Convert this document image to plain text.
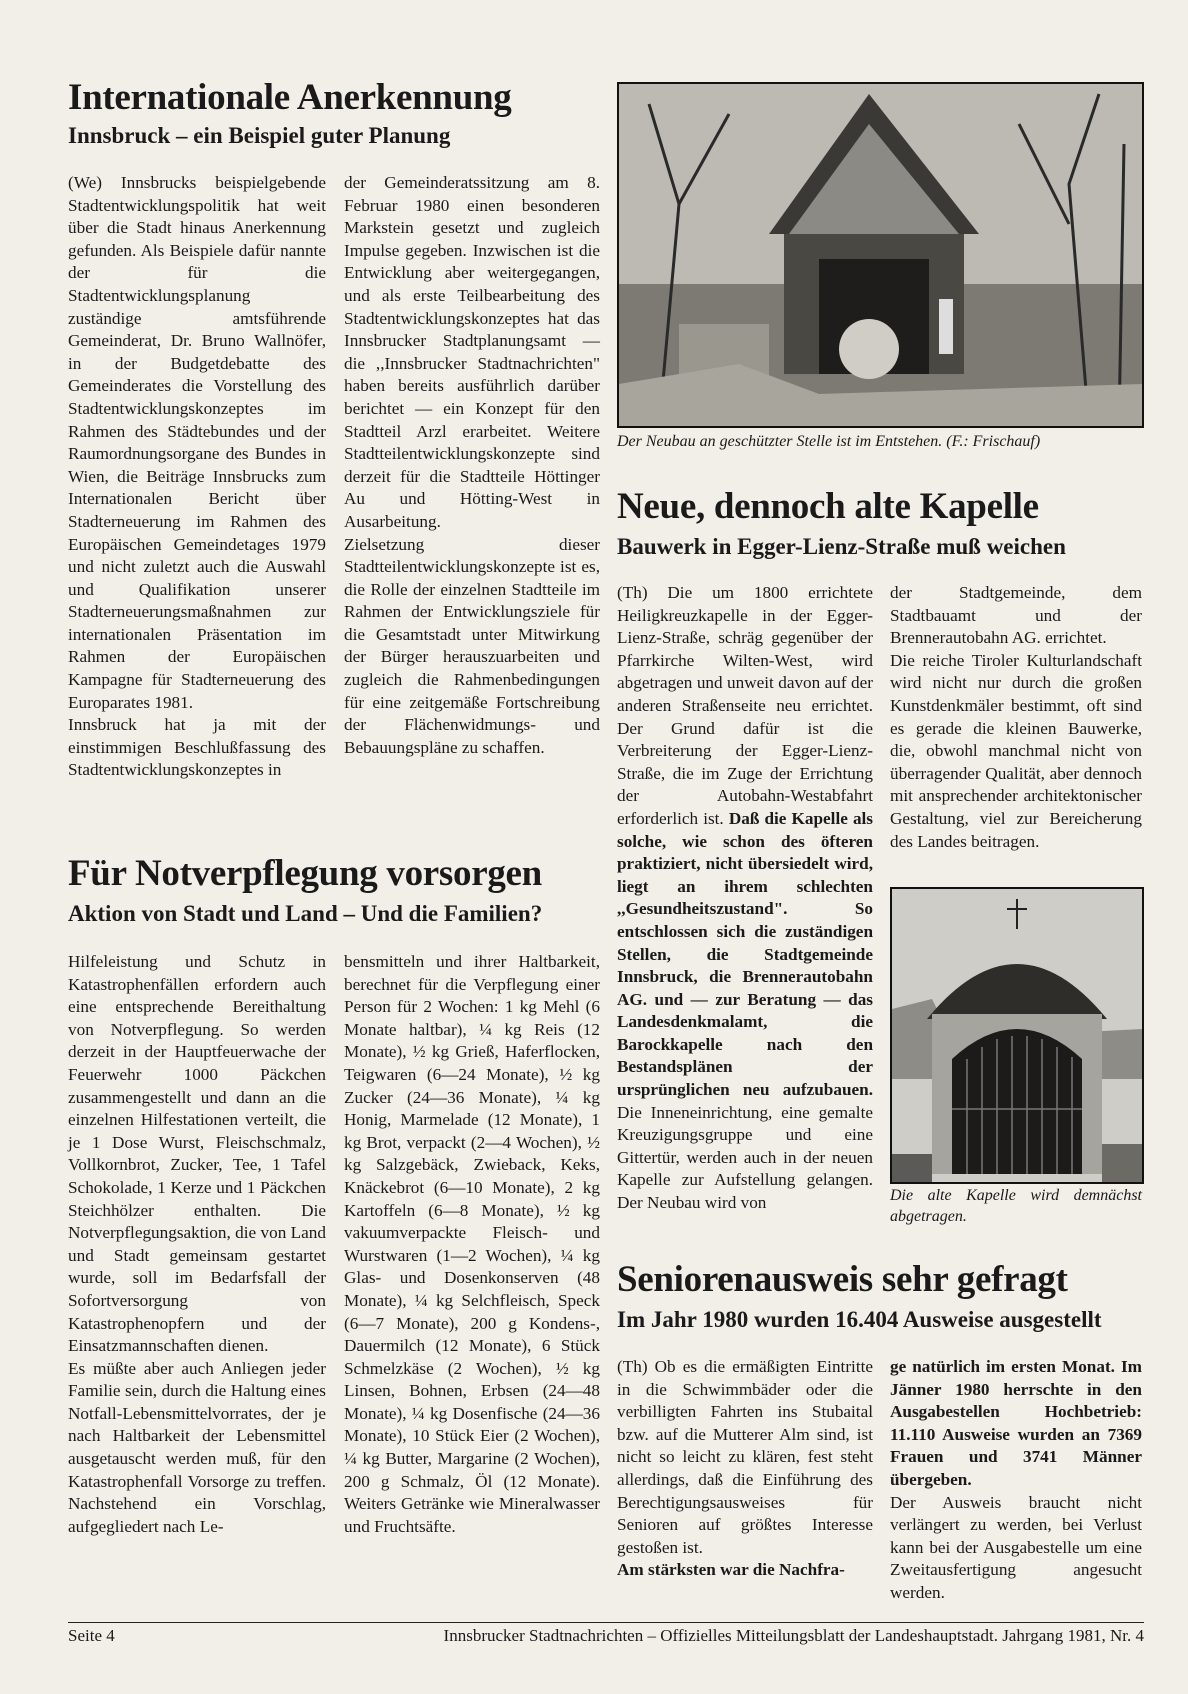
Internationale Anerkennung
Innsbruck – ein Beispiel guter Planung

(We) Innsbrucks beispielgebende Stadtentwicklungspolitik hat weit über die Stadt hinaus Anerkennung gefunden. Als Beispiele dafür nannte der für die Stadtentwicklungsplanung zuständige amtsführende Gemeinderat, Dr. Bruno Wallnöfer, in der Budgetdebatte des Gemeinderates die Vorstellung des Stadtentwicklungskonzeptes im Rahmen des Städtebundes und der Raumordnungsorgane des Bundes in Wien, die Beiträge Innsbrucks zum Internationalen Bericht über Stadterneuerung im Rahmen des Europäischen Gemeindetages 1979 und nicht zuletzt auch die Auswahl und Qualifikation unserer Stadterneuerungsmaßnahmen zur internationalen Präsentation im Rahmen der Europäischen Kampagne für Stadterneuerung des Europarates 1981.

Innsbruck hat ja mit der einstimmigen Beschlußfassung des Stadtentwicklungskonzeptes in

der Gemeinderatssitzung am 8. Februar 1980 einen besonderen Markstein gesetzt und zugleich Impulse gegeben. Inzwischen ist die Entwicklung aber weitergegangen, und als erste Teilbearbeitung des Stadtentwicklungskonzeptes hat das Innsbrucker Stadtplanungsamt — die ,,Innsbrucker Stadtnachrichten" haben bereits ausführlich darüber berichtet — ein Konzept für den Stadtteil Arzl erarbeitet. Weitere Stadtteilentwicklungskonzepte sind derzeit für die Stadtteile Höttinger Au und Hötting-West in Ausarbeitung.

Zielsetzung dieser Stadtteilentwicklungskonzepte ist es, die Rolle der einzelnen Stadtteile im Rahmen der Entwicklungsziele für die Gesamtstadt unter Mitwirkung der Bürger herauszuarbeiten und zugleich die Rahmenbedingungen für eine zeitgemäße Fortschreibung der Flächenwidmungs- und Bebauungspläne zu schaffen.

Der Neubau an geschützter Stelle ist im Entstehen. (F.: Frischauf)
Neue, dennoch alte Kapelle
Bauwerk in Egger-Lienz-Straße muß weichen

(Th) Die um 1800 errichtete Heiligkreuzkapelle in der Egger-Lienz-Straße, schräg gegenüber der Pfarrkirche Wilten-West, wird abgetragen und unweit davon auf der anderen Straßenseite neu errichtet. Der Grund dafür ist die Verbreiterung der Egger-Lienz-Straße, die im Zuge der Errichtung der Autobahn-Westabfahrt erforderlich ist. Daß die Kapelle als solche, wie schon des öfteren praktiziert, nicht übersiedelt wird, liegt an ihrem schlechten ,,Gesundheitszustand". So entschlossen sich die zuständigen Stellen, die Stadtgemeinde Innsbruck, die Brennerautobahn AG. und — zur Beratung — das Landesdenkmalamt, die Barockkapelle nach den Bestandsplänen der ursprünglichen neu aufzubauen. Die Inneneinrichtung, eine gemalte Kreuzigungsgruppe und eine Gittertür, werden auch in der neuen Kapelle zur Aufstellung gelangen. Der Neubau wird von

der Stadtgemeinde, dem Stadtbauamt und der Brennerautobahn AG. errichtet.

Die reiche Tiroler Kulturlandschaft wird nicht nur durch die großen Kunstdenkmäler bestimmt, oft sind es gerade die kleinen Bauwerke, die, obwohl manchmal nicht von überragender Qualität, aber dennoch mit ansprechender architektonischer Gestaltung, viel zur Bereicherung des Landes beitragen.

Die alte Kapelle wird demnächst abgetragen.
Für Notverpflegung vorsorgen
Aktion von Stadt und Land – Und die Familien?

Hilfeleistung und Schutz in Katastrophenfällen erfordern auch eine entsprechende Bereithaltung von Notverpflegung. So werden derzeit in der Hauptfeuerwache der Feuerwehr 1000 Päckchen zusammengestellt und dann an die einzelnen Hilfestationen verteilt, die je 1 Dose Wurst, Fleischschmalz, Vollkornbrot, Zucker, Tee, 1 Tafel Schokolade, 1 Kerze und 1 Päckchen Steichhölzer enthalten. Die Notverpflegungsaktion, die von Land und Stadt gemeinsam gestartet wurde, soll im Bedarfsfall der Sofortversorgung von Katastrophenopfern und der Einsatzmannschaften dienen.

Es müßte aber auch Anliegen jeder Familie sein, durch die Haltung eines Notfall-Lebensmittelvorrates, der je nach Haltbarkeit der Lebensmittel ausgetauscht werden muß, für den Katastrophenfall Vorsorge zu treffen. Nachstehend ein Vorschlag, aufgegliedert nach Le-

bensmitteln und ihrer Haltbarkeit, berechnet für die Verpflegung einer Person für 2 Wochen: 1 kg Mehl (6 Monate haltbar), ¼ kg Reis (12 Monate), ½ kg Grieß, Haferflocken, Teigwaren (6—24 Monate), ½ kg Zucker (24—36 Monate), ¼ kg Honig, Marmelade (12 Monate), 1 kg Brot, verpackt (2—4 Wochen), ½ kg Salzgebäck, Zwieback, Keks, Knäckebrot (6—10 Monate), 2 kg Kartoffeln (6—8 Monate), ½ kg vakuumverpackte Fleisch- und Wurstwaren (1—2 Wochen), ¼ kg Glas- und Dosenkonserven (48 Monate), ¼ kg Selchfleisch, Speck (6—7 Monate), 200 g Kondens-, Dauermilch (12 Monate), 6 Stück Schmelzkäse (2 Wochen), ½ kg Linsen, Bohnen, Erbsen (24—48 Monate), ¼ kg Dosenfische (24—36 Monate), 10 Stück Eier (2 Wochen), ¼ kg Butter, Margarine (2 Wochen), 200 g Schmalz, Öl (12 Monate). Weiters Getränke wie Mineralwasser und Fruchtsäfte.

Seniorenausweis sehr gefragt
Im Jahr 1980 wurden 16.404 Ausweise ausgestellt

(Th) Ob es die ermäßigten Eintritte in die Schwimmbäder oder die verbilligten Fahrten ins Stubaital bzw. auf die Mutterer Alm sind, ist nicht so leicht zu klären, fest steht allerdings, daß die Einführung des Berechtigungsausweises für Senioren auf größtes Interesse gestoßen ist.
Am stärksten war die Nachfra-

ge natürlich im ersten Monat. Im Jänner 1980 herrschte in den Ausgabestellen Hochbetrieb: 11.110 Ausweise wurden an 7369 Frauen und 3741 Männer übergeben.

Der Ausweis braucht nicht verlängert zu werden, bei Verlust kann bei der Ausgabestelle um eine Zweitausfertigung angesucht werden.

Seite 4	Innsbrucker Stadtnachrichten – Offizielles Mitteilungsblatt der Landeshauptstadt. Jahrgang 1981, Nr. 4
